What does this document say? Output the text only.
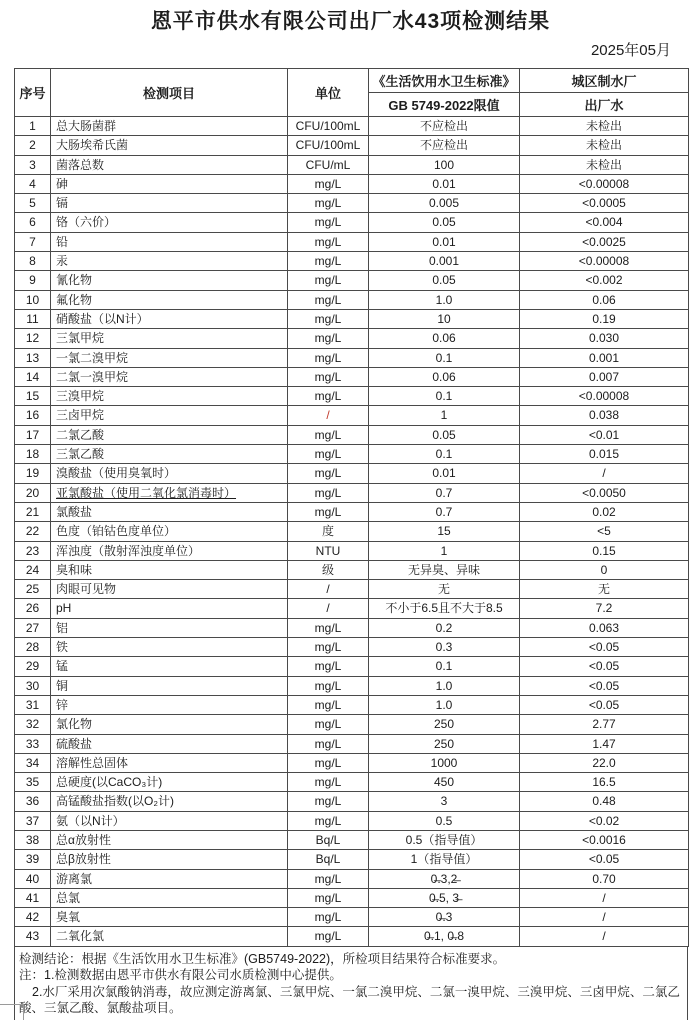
恩平市供水有限公司出厂水43项检测结果
2025年05月
序号	检测项目	单位	《生活饮用水卫生标准》	城区制水厂
			GB 5749-2022限值	出厂水
1	总大肠菌群	CFU/100mL	不应检出	未检出
2	大肠埃希氏菌	CFU/100mL	不应检出	未检出
3	菌落总数	CFU/mL	100	未检出
4	砷	mg/L	0.01	<0.00008
5	镉	mg/L	0.005	<0.0005
6	铬（六价）	mg/L	0.05	<0.004
7	铅	mg/L	0.01	<0.0025
8	汞	mg/L	0.001	<0.00008
9	氰化物	mg/L	0.05	<0.002
10	氟化物	mg/L	1.0	0.06
11	硝酸盐（以N计）	mg/L	10	0.19
12	三氯甲烷	mg/L	0.06	0.030
13	一氯二溴甲烷	mg/L	0.1	0.001
14	二氯一溴甲烷	mg/L	0.06	0.007
15	三溴甲烷	mg/L	0.1	<0.00008
16	三卤甲烷	/	1	0.038
17	二氯乙酸	mg/L	0.05	<0.01
18	三氯乙酸	mg/L	0.1	0.015
19	溴酸盐（使用臭氧时）	mg/L	0.01	/
20	亚氯酸盐（使用二氧化氯消毒时）	mg/L	0.7	<0.0050
21	氯酸盐	mg/L	0.7	0.02
22	色度（铂钴色度单位）	度	15	<5
23	浑浊度（散射浑浊度单位）	NTU	1	0.15
24	臭和味	级	无异臭、异味	0
25	肉眼可见物	/	无	无
26	pH	/	不小于6.5且不大于8.5	7.2
27	铝	mg/L	0.2	0.063
28	铁	mg/L	0.3	<0.05
29	锰	mg/L	0.1	<0.05
30	铜	mg/L	1.0	<0.05
31	锌	mg/L	1.0	<0.05
32	氯化物	mg/L	250	2.77
33	硫酸盐	mg/L	250	1.47
34	溶解性总固体	mg/L	1000	22.0
35	总硬度(以CaCO₃计)	mg/L	450	16.5
36	高锰酸盐指数(以O₂计)	mg/L	3	0.48
37	氨（以N计）	mg/L	0.5	<0.02
38	总α放射性	Bq/L	0.5（指导值）	<0.0016
39	总β放射性	Bq/L	1（指导值）	<0.05
40	游离氯	mg/L	0̶.3,2̶	0.70
41	总氯	mg/L	0̶.5, 3̶	/
42	臭氧	mg/L	0̶.3	/
43	二氧化氯	mg/L	0̶.1, 0̶.8	/
检测结论：根据《生活饮用水卫生标准》(GB5749-2022)，所检项目结果符合标准要求。
注：1.检测数据由恩平市供水有限公司水质检测中心提供。
2.水厂采用次氯酸钠消毒，故应测定游离氯、三氯甲烷、一氯二溴甲烷、二氯一溴甲烷、三溴甲烷、三卤甲烷、二氯乙酸、三氯乙酸、氯酸盐项目。
